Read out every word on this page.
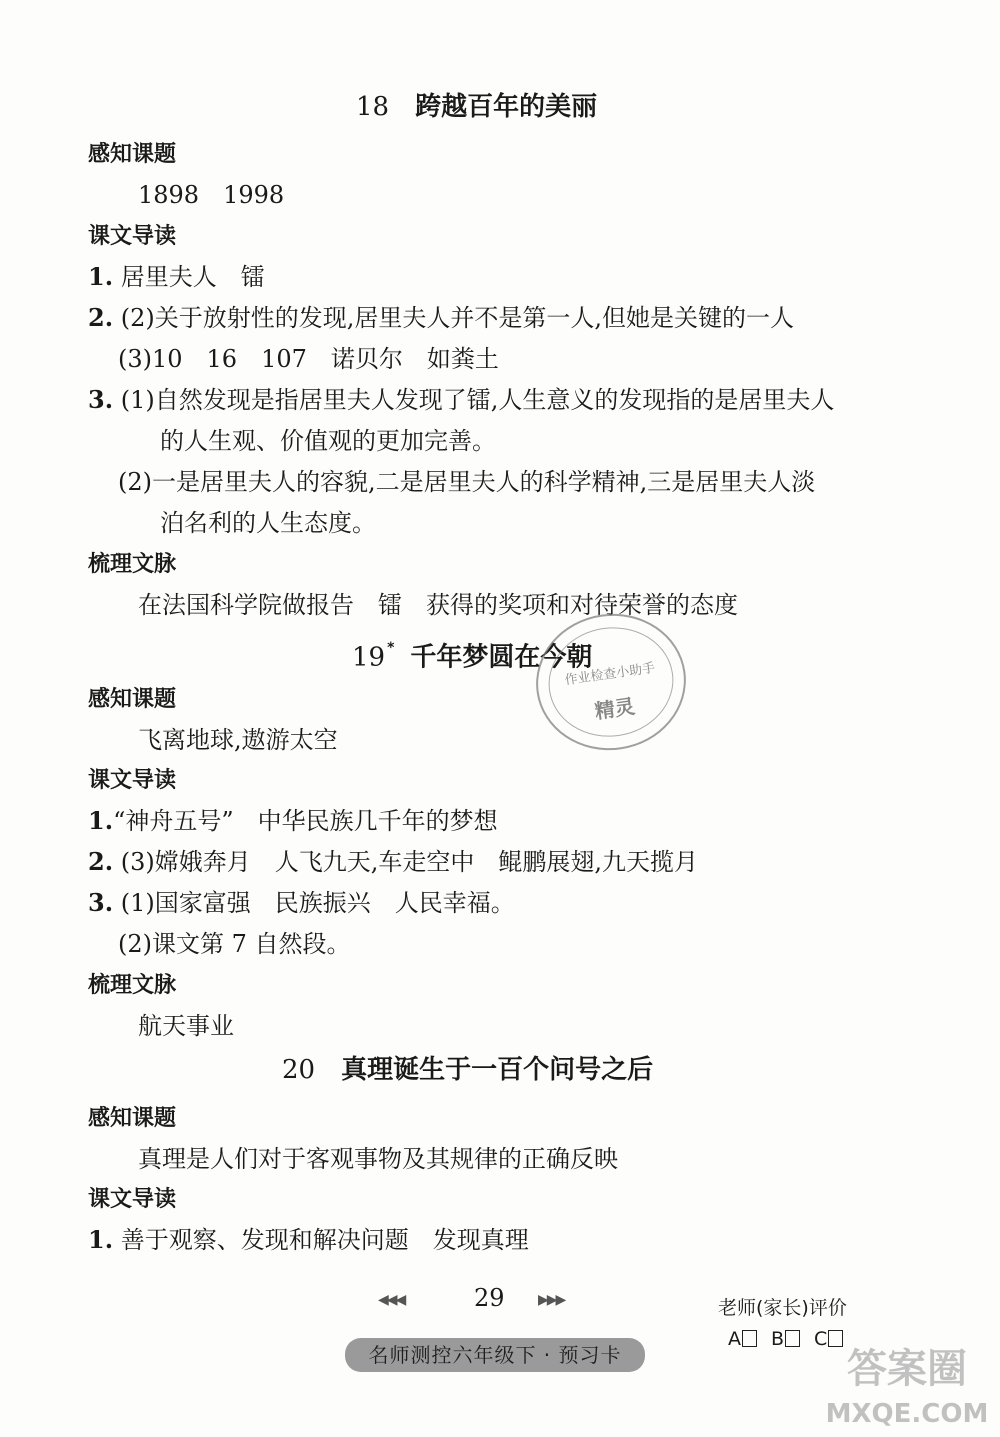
18 跨越百年的美丽
感知课题
1898　1998
课文导读
1. 居里夫人　镭
2. (2)关于放射性的发现,居里夫人并不是第一人,但她是关键的一人
(3)10　16　107　诺贝尔　如粪土
3. (1)自然发现是指居里夫人发现了镭,人生意义的发现指的是居里夫人
的人生观、价值观的更加完善。
(2)一是居里夫人的容貌,二是居里夫人的科学精神,三是居里夫人淡
泊名利的人生态度。
梳理文脉
在法国科学院做报告　镭　获得的奖项和对待荣誉的态度
19 * 千年梦圆在今朝
感知课题
飞离地球,遨游太空
课文导读
1.“神舟五号”　中华民族几千年的梦想
2. (3)嫦娥奔月　人飞九天,车走空中　鲲鹏展翅,九天揽月
3. (1)国家富强　民族振兴　人民幸福。
(2)课文第 7 自然段。
梳理文脉
航天事业
20 真理诞生于一百个问号之后
感知课题
真理是人们对于客观事物及其规律的正确反映
课文导读
1. 善于观察、发现和解决问题　发现真理
作业检查小助手
精灵
◀◀◀	29 ▶▶▶	老师(家长)评价
A B C
名师测控六年级下 · 预习卡	答案圈
MXQE.COM
